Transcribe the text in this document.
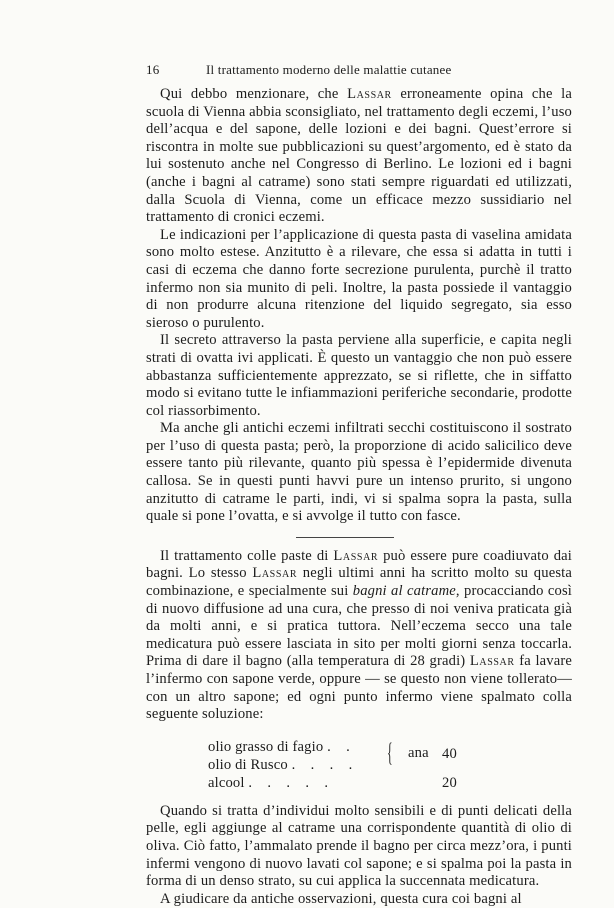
16	Il trattamento moderno delle malattie cutanee

Qui debbo menzionare, che Lassar erroneamente opina che la scuola di Vienna abbia sconsigliato, nel trattamento degli eczemi, l’uso dell’acqua e del sapone, delle lozioni e dei bagni. Quest’errore si riscontra in molte sue pubblicazioni su quest’argomento, ed è stato da lui sostenuto anche nel Congresso di Berlino. Le lozioni ed i bagni (anche i bagni al catrame) sono stati sempre riguardati ed utilizzati, dalla Scuola di Vienna, come un efficace mezzo sussidiario nel trattamento di cronici eczemi.

Le indicazioni per l’applicazione di questa pasta di vaselina amidata sono molto estese. Anzitutto è a rilevare, che essa si adatta in tutti i casi di eczema che danno forte secrezione purulenta, purchè il tratto infermo non sia munito di peli. Inoltre, la pasta possiede il vantaggio di non produrre alcuna ritenzione del liquido segregato, sia esso sieroso o purulento.

Il secreto attraverso la pasta perviene alla superficie, e capita negli strati di ovatta ivi applicati. È questo un vantaggio che non può essere abbastanza sufficientemente apprezzato, se si riflette, che in siffatto modo si evitano tutte le infiammazioni periferiche secondarie, prodotte col riassorbimento.

Ma anche gli antichi eczemi infiltrati secchi costituiscono il sostrato per l’uso di questa pasta; però, la proporzione di acido salicilico deve essere tanto più rilevante, quanto più spessa è l’epidermide divenuta callosa. Se in questi punti havvi pure un intenso prurito, si ungono anzitutto di catrame le parti, indi, vi si spalma sopra la pasta, sulla quale si pone l’ovatta, e si avvolge il tutto con fasce.

Il trattamento colle paste di Lassar può essere pure coadiuvato dai bagni. Lo stesso Lassar negli ultimi anni ha scritto molto su questa combinazione, e specialmente sui bagni al catrame, procacciando così di nuovo diffusione ad una cura, che presso di noi veniva praticata già da molti anni, e si pratica tuttora. Nell’eczema secco una tale medicatura può essere lasciata in sito per molti giorni senza toccarla. Prima di dare il bagno (alla temperatura di 28 gradi) Lassar fa lavare l’infermo con sapone verde, oppure — se questo non viene tollerato—con un altro sapone; ed ogni punto infermo viene spalmato colla seguente soluzione:

olio grasso di fagio .    .
olio di Rusco .    .    .    .
alcool .    .    .    .    .
{ ana 40
20

Quando si tratta d’individui molto sensibili e di punti delicati della pelle, egli aggiunge al catrame una corrispondente quantità di olio di oliva. Ciò fatto, l’ammalato prende il bagno per circa mezz’ora, i punti infermi vengono di nuovo lavati col sapone; e si spalma poi la pasta in forma di un denso strato, su cui applica la succennata medicatura.

A giudicare da antiche osservazioni, questa cura coi bagni al
